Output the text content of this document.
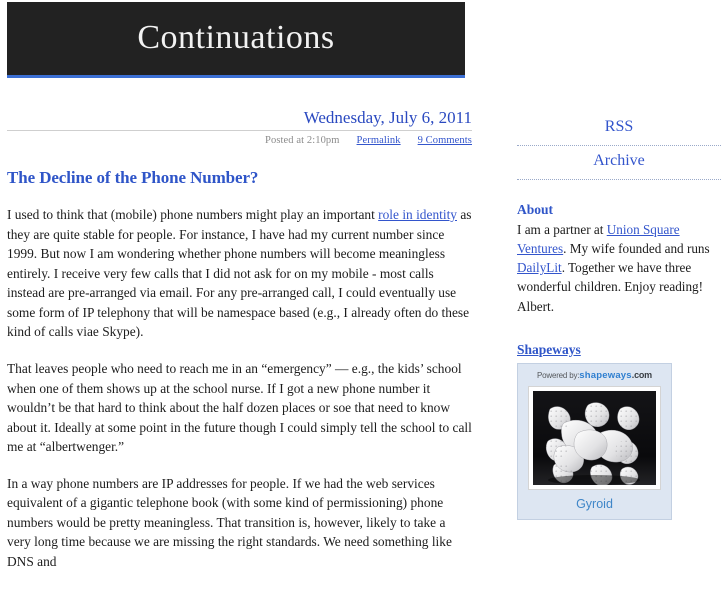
Continuations
Wednesday, July 6, 2011
Posted at 2:10pm Permalink 9 Comments
The Decline of the Phone Number?

I used to think that (mobile) phone numbers might play an important role in identity as they are quite stable for people. For instance, I have had my current number since 1999. But now I am wondering whether phone numbers will become meaningless entirely. I receive very few calls that I did not ask for on my mobile - most calls instead are pre-arranged via email. For any pre-arranged call, I could eventually use some form of IP telephony that will be namespace based (e.g., I already often do these kind of calls viae Skype).

That leaves people who need to reach me in an “emergency” — e.g., the kids’ school when one of them shows up at the school nurse. If I got a new phone number it wouldn’t be that hard to think about the half dozen places or soe that need to know about it. Ideally at some point in the future though I could simply tell the school to call me at “albertwenger.”

In a way phone numbers are IP addresses for people. If we had the web services equivalent of a gigantic telephone book (with some kind of permissioning) phone numbers would be pretty meaningless. That transition is, however, likely to take a very long time because we are missing the right standards. We need something like DNS and

RSS
Archive
About
I am a partner at Union Square Ventures. My wife founded and runs DailyLit. Together we have three wonderful children. Enjoy reading! Albert.
Shapeways
Powered by:shapeways.com
Gyroid
